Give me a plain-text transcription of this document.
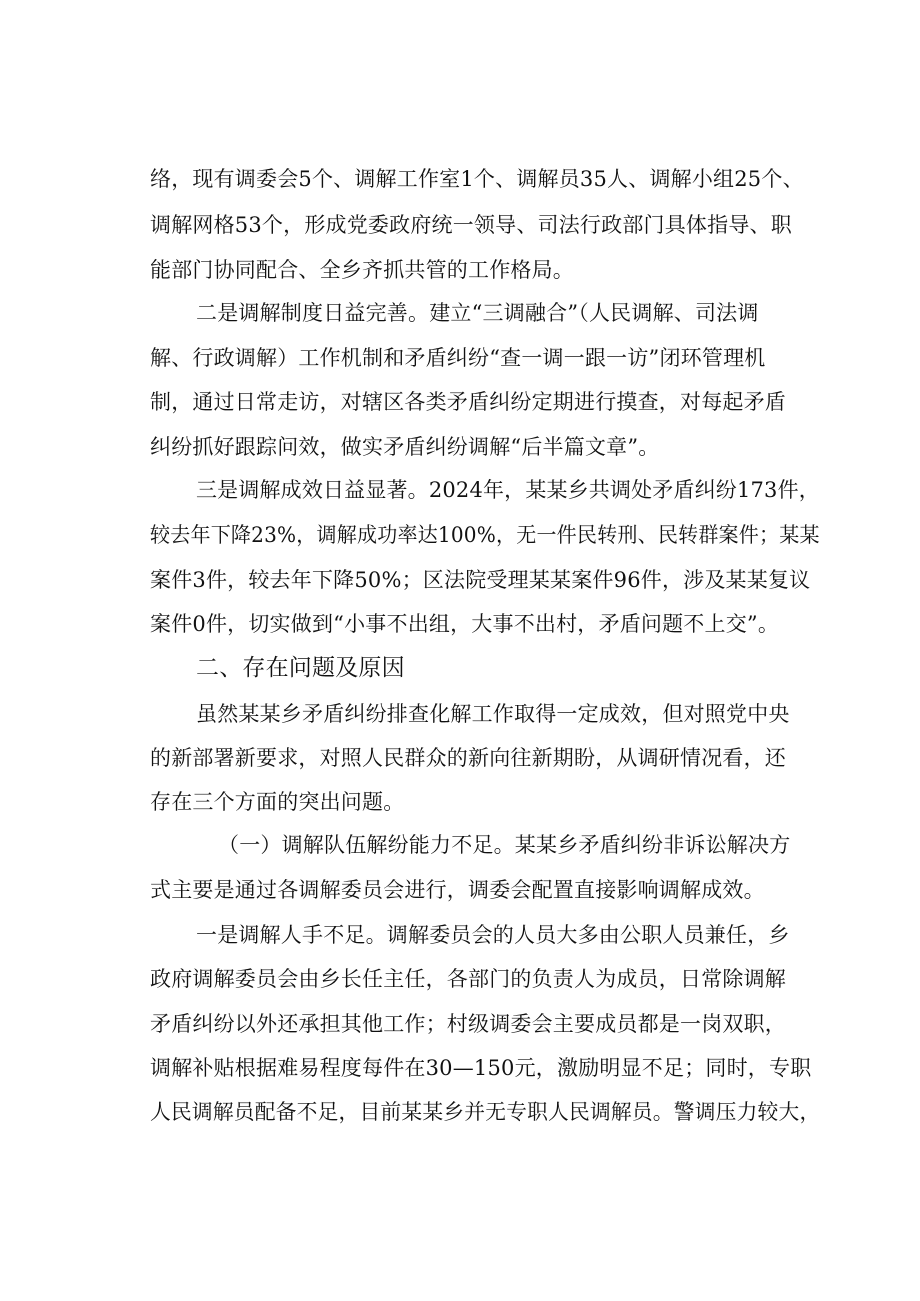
络，现有调委会5个、调解工作室1个、调解员35人、调解小组25个、
调解网格53个，形成党委政府统一领导、司法行政部门具体指导、职
能部门协同配合、全乡齐抓共管的工作格局。
二是调解制度日益完善。建立“三调融合”（人民调解、司法调
解、行政调解）工作机制和矛盾纠纷“查一调一跟一访”闭环管理机
制，通过日常走访，对辖区各类矛盾纠纷定期进行摸查，对每起矛盾
纠纷抓好跟踪问效，做实矛盾纠纷调解“后半篇文章”。
三是调解成效日益显著。2024年，某某乡共调处矛盾纠纷173件，
较去年下降23%，调解成功率达100%，无一件民转刑、民转群案件；某某
案件3件，较去年下降50%；区法院受理某某案件96件，涉及某某复议
案件0件，切实做到“小事不出组，大事不出村，矛盾问题不上交”。
二、存在问题及原因
虽然某某乡矛盾纠纷排查化解工作取得一定成效，但对照党中央
的新部署新要求，对照人民群众的新向往新期盼，从调研情况看，还
存在三个方面的突出问题。
（一）调解队伍解纷能力不足。某某乡矛盾纠纷非诉讼解决方
式主要是通过各调解委员会进行，调委会配置直接影响调解成效。
一是调解人手不足。调解委员会的人员大多由公职人员兼任，乡
政府调解委员会由乡长任主任，各部门的负责人为成员，日常除调解
矛盾纠纷以外还承担其他工作；村级调委会主要成员都是一岗双职，
调解补贴根据难易程度每件在30—150元，激励明显不足；同时，专职
人民调解员配备不足，目前某某乡并无专职人民调解员。警调压力较大，
